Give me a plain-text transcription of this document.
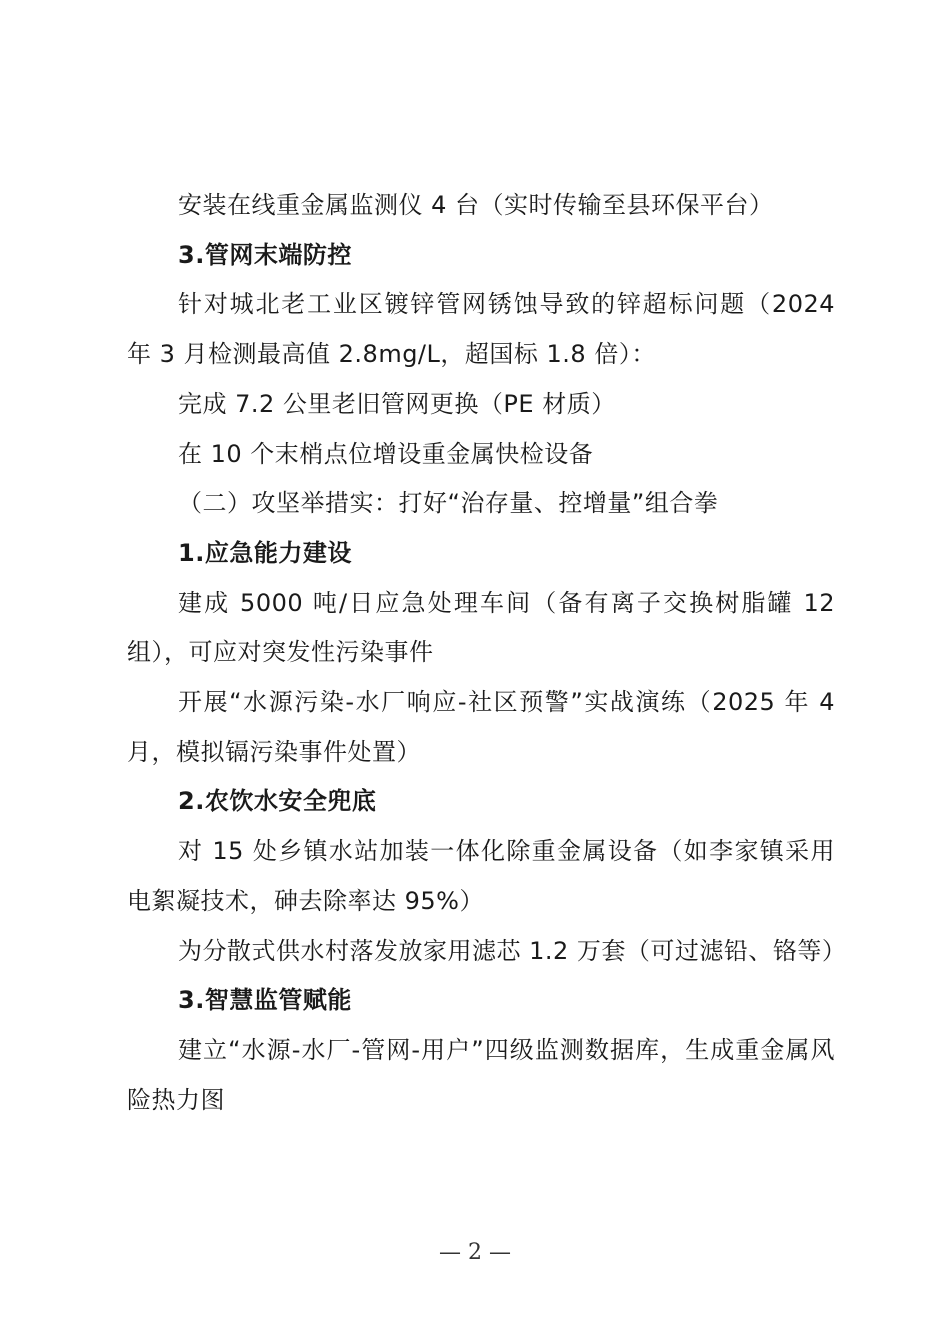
安装在线重金属监测仪 4 台（实时传输至县环保平台）

3.管网末端防控

针对城北老工业区镀锌管网锈蚀导致的锌超标问题（2024 年 3 月检测最高值 2.8mg/L，超国标 1.8 倍）：

完成 7.2 公里老旧管网更换（PE 材质）

在 10 个末梢点位增设重金属快检设备

（二）攻坚举措实：打好“治存量、控增量”组合拳

1.应急能力建设

建成 5000 吨/日应急处理车间（备有离子交换树脂罐 12 组），可应对突发性污染事件

开展“水源污染-水厂响应-社区预警”实战演练（2025 年 4 月，模拟镉污染事件处置）

2.农饮水安全兜底

对 15 处乡镇水站加装一体化除重金属设备（如李家镇采用电絮凝技术，砷去除率达 95%）

为分散式供水村落发放家用滤芯 1.2 万套（可过滤铅、铬等）

3.智慧监管赋能

建立“水源-水厂-管网-用户”四级监测数据库，生成重金属风险热力图

— 2 —
